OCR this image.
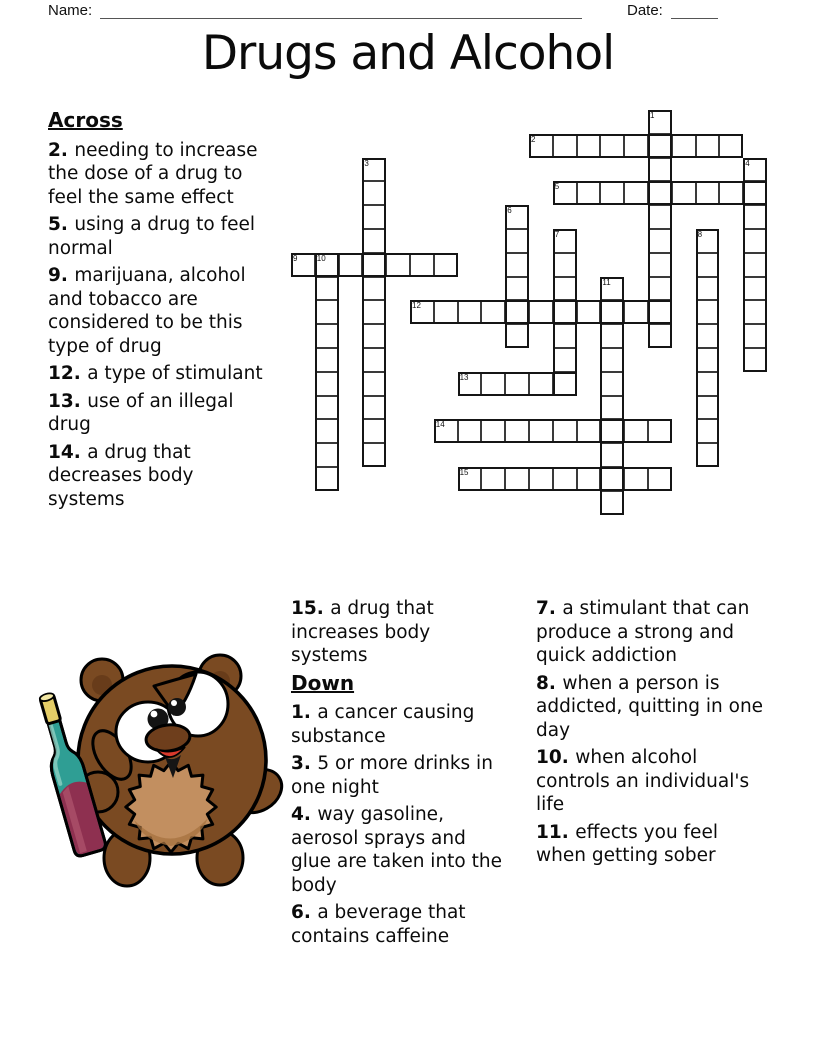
Name:	Date:
Drugs and Alcohol
1
2
3	4
5
6
7	8
9 10
11
12
13
14
15

Across

2. needing to increase the dose of a drug to feel the same effect

5. using a drug to feel normal

9. marijuana, alcohol and tobacco are considered to be this type of drug

12. a type of stimulant

13. use of an illegal drug

14. a drug that decreases body systems

15. a drug that increases body systems

Down

1. a cancer causing substance

3. 5 or more drinks in one night

4. way gasoline, aerosol sprays and glue are taken into the body

6. a beverage that contains caffeine

7. a stimulant that can produce a strong and quick addiction

8. when a person is addicted, quitting in one day

10. when alcohol controls an individual's life

11. effects you feel when getting sober
